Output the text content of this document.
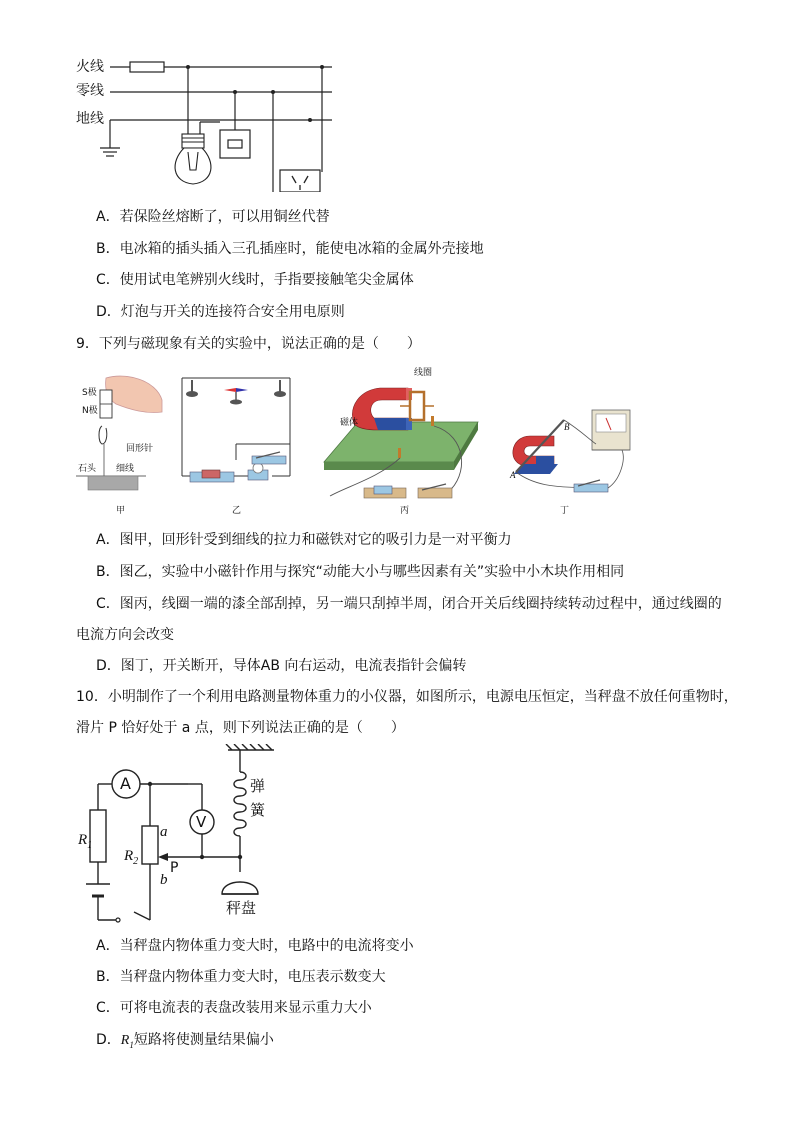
火线
零线
地线
A．若保险丝熔断了，可以用铜丝代替
B．电冰箱的插头插入三孔插座时，能使电冰箱的金属外壳接地
C．使用试电笔辨别火线时，手指要接触笔尖金属体
D．灯泡与开关的连接符合安全用电原则
9．下列与磁现象有关的实验中，说法正确的是（　　）
S极
N极
回形针
细线
石头
甲	乙
线圈
磁体
丙
A
B
丁
A．图甲，回形针受到细线的拉力和磁铁对它的吸引力是一对平衡力
B．图乙，实验中小磁针作用与探究“动能大小与哪些因素有关”实验中小木块作用相同
C．图丙，线圈一端的漆全部刮掉，另一端只刮掉半周，闭合开关后线圈持续转动过程中，通过线圈的
电流方向会改变
D．图丁，开关断开，导体AB 向右运动，电流表指针会偏转
10．小明制作了一个利用电路测量物体重力的小仪器，如图所示，电源电压恒定，当秤盘不放任何重物时，
滑片 P 恰好处于 a 点，则下列说法正确的是（　　）
A
V
$R_1$
$R_2$
a
b
P
弹
簧
秤盘
A．当秤盘内物体重力变大时，电路中的电流将变小
B．当秤盘内物体重力变大时，电压表示数变大
C．可将电流表的表盘改装用来显示重力大小
D．$R_1$短路将使测量结果偏小
